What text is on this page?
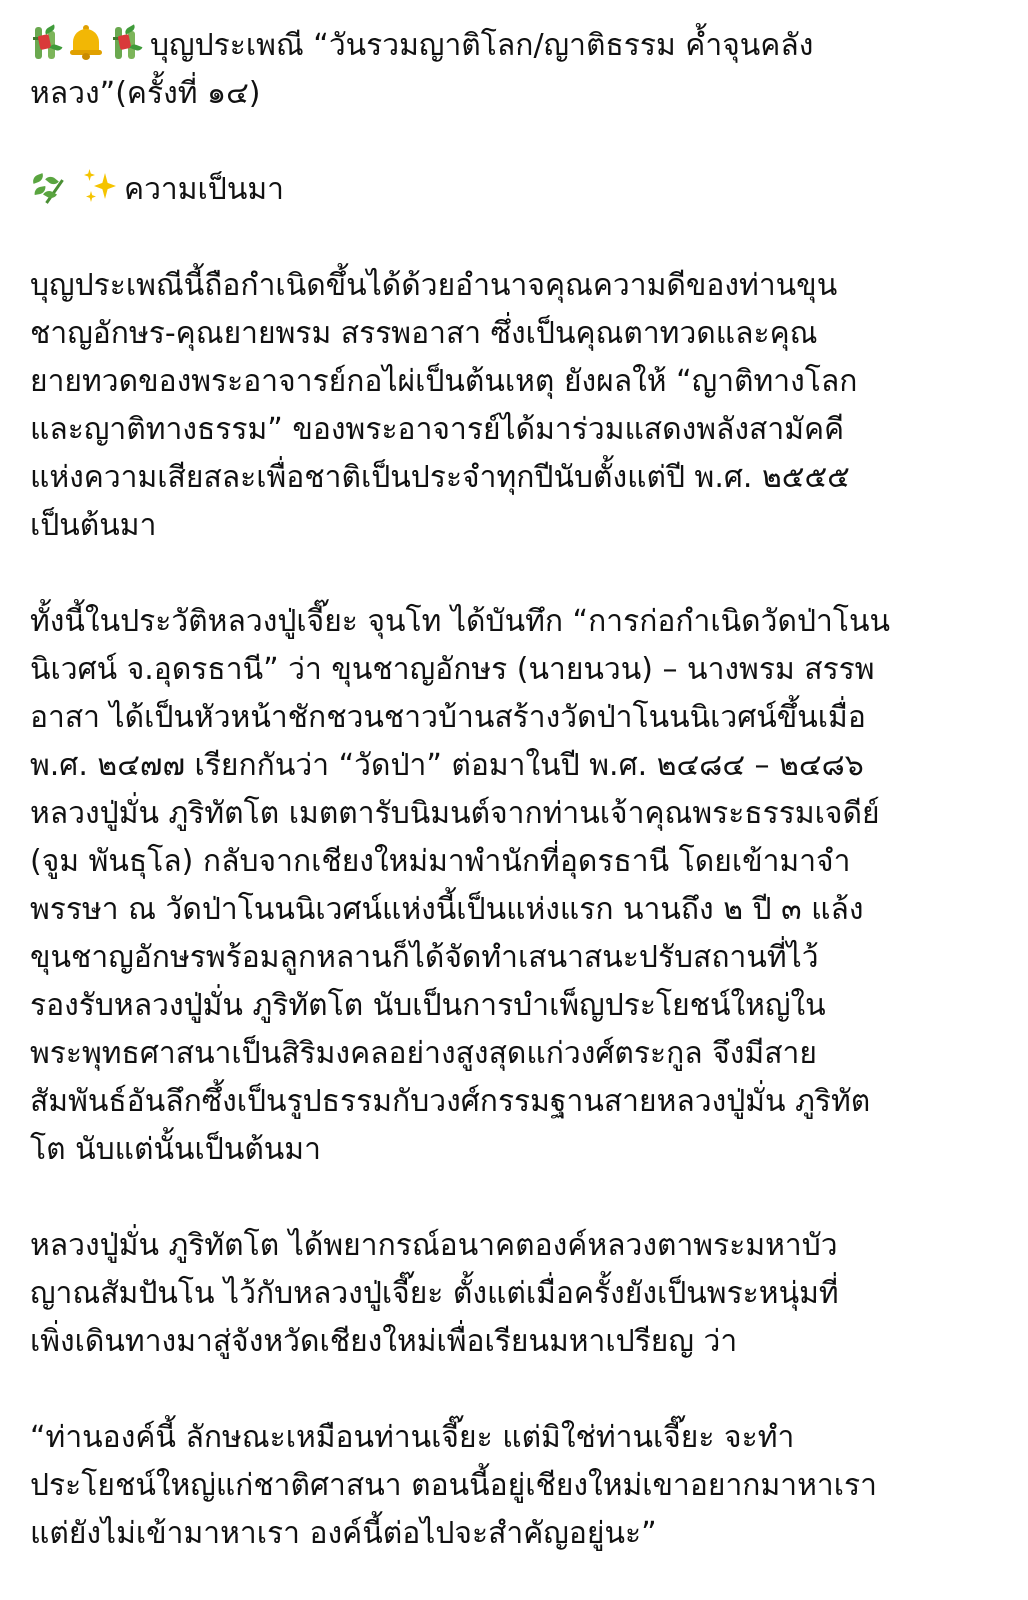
บุญประเพณี “วันรวมญาติโลก/ญาติธรรม ค้ำจุนคลัง
หลวง”(ครั้งที่ ๑๔)
ความเป็นมา
บุญประเพณีนี้ถือกำเนิดขึ้นได้ด้วยอำนาจคุณความดีของท่านขุน
ชาญอักษร-คุณยายพรม สรรพอาสา ซึ่งเป็นคุณตาทวดและคุณ
ยายทวดของพระอาจารย์กอไผ่เป็นต้นเหตุ ยังผลให้ “ญาติทางโลก
และญาติทางธรรม” ของพระอาจารย์ได้มาร่วมแสดงพลังสามัคคี
แห่งความเสียสละเพื่อชาติเป็นประจำทุกปีนับตั้งแต่ปี พ.ศ. ๒๕๕๕
เป็นต้นมา
ทั้งนี้ในประวัติหลวงปู่เจี๊ยะ จุนโท ได้บันทึก “การก่อกำเนิดวัดป่าโนน
นิเวศน์ จ.อุดรธานี” ว่า ขุนชาญอักษร (นายนวน) – นางพรม สรรพ
อาสา ได้เป็นหัวหน้าชักชวนชาวบ้านสร้างวัดป่าโนนนิเวศน์ขึ้นเมื่อ
พ.ศ. ๒๔๗๗ เรียกกันว่า “วัดป่า” ต่อมาในปี พ.ศ. ๒๔๘๔ – ๒๔๘๖
หลวงปู่มั่น ภูริทัตโต เมตตารับนิมนต์จากท่านเจ้าคุณพระธรรมเจดีย์
(จูม พันธุโล) กลับจากเชียงใหม่มาพำนักที่อุดรธานี โดยเข้ามาจำ
พรรษา ณ วัดป่าโนนนิเวศน์แห่งนี้เป็นแห่งแรก นานถึง ๒ ปี ๓ แล้ง
ขุนชาญอักษรพร้อมลูกหลานก็ได้จัดทำเสนาสนะปรับสถานที่ไว้
รองรับหลวงปู่มั่น ภูริทัตโต นับเป็นการบำเพ็ญประโยชน์ใหญ่ใน
พระพุทธศาสนาเป็นสิริมงคลอย่างสูงสุดแก่วงศ์ตระกูล จึงมีสาย
สัมพันธ์อันลึกซึ้งเป็นรูปธรรมกับวงศ์กรรมฐานสายหลวงปู่มั่น ภูริทัต
โต นับแต่นั้นเป็นต้นมา
หลวงปู่มั่น ภูริทัตโต ได้พยากรณ์อนาคตองค์หลวงตาพระมหาบัว
ญาณสัมปันโน ไว้กับหลวงปู่เจี๊ยะ ตั้งแต่เมื่อครั้งยังเป็นพระหนุ่มที่
เพิ่งเดินทางมาสู่จังหวัดเชียงใหม่เพื่อเรียนมหาเปรียญ ว่า
“ท่านองค์นี้ ลักษณะเหมือนท่านเจี๊ยะ แต่มิใช่ท่านเจี๊ยะ จะทำ
ประโยชน์ใหญ่แก่ชาติศาสนา ตอนนี้อยู่เชียงใหม่เขาอยากมาหาเรา
แต่ยังไม่เข้ามาหาเรา องค์นี้ต่อไปจะสำคัญอยู่นะ”
